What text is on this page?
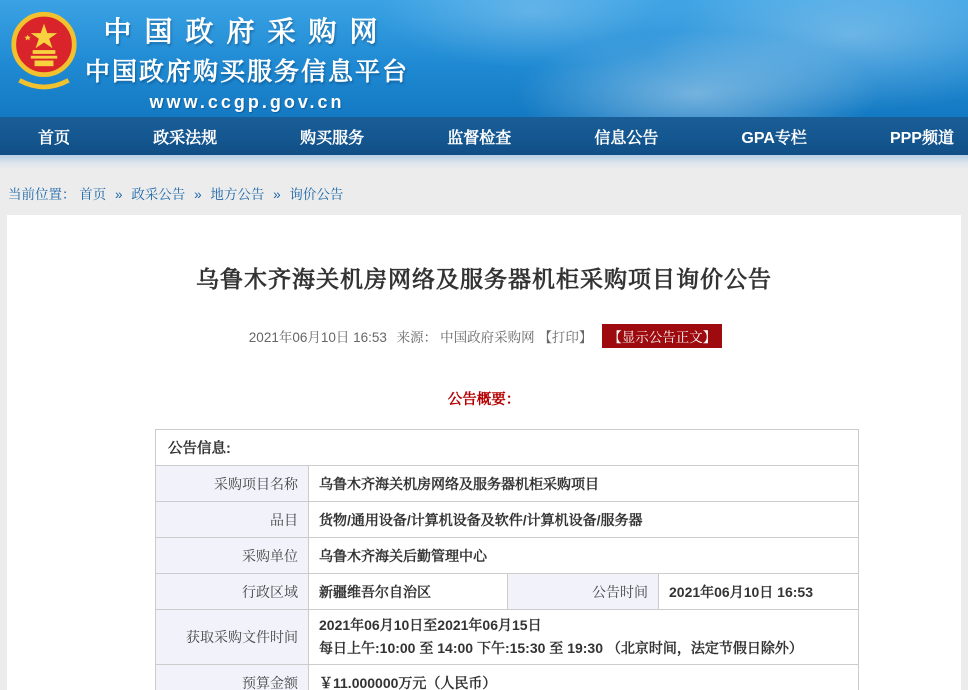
中国政府采购网
中国政府购买服务信息平台
www.ccgp.gov.cn
首页	政采法规	购买服务	监督检查	信息公告	GPA专栏	PPP频道
当前位置： 首页 » 政采公告 » 地方公告 » 询价公告
乌鲁木齐海关机房网络及服务器机柜采购项目询价公告
2021年06月10日 16:53 来源： 中国政府采购网 【打印】 【显示公告正文】
公告概要：
公告信息:			
采购项目名称	乌鲁木齐海关机房网络及服务器机柜采购项目		
品目	货物/通用设备/计算机设备及软件/计算机设备/服务器		
采购单位	乌鲁木齐海关后勤管理中心		
行政区域	新疆维吾尔自治区	公告时间	2021年06月10日 16:53
获取采购文件时间	2021年06月10日至2021年06月15日
每日上午:10:00 至 14:00 下午:15:30 至 19:30 （北京时间，法定节假日除外）		

预算金额	￥11.000000万元（人民币）		
